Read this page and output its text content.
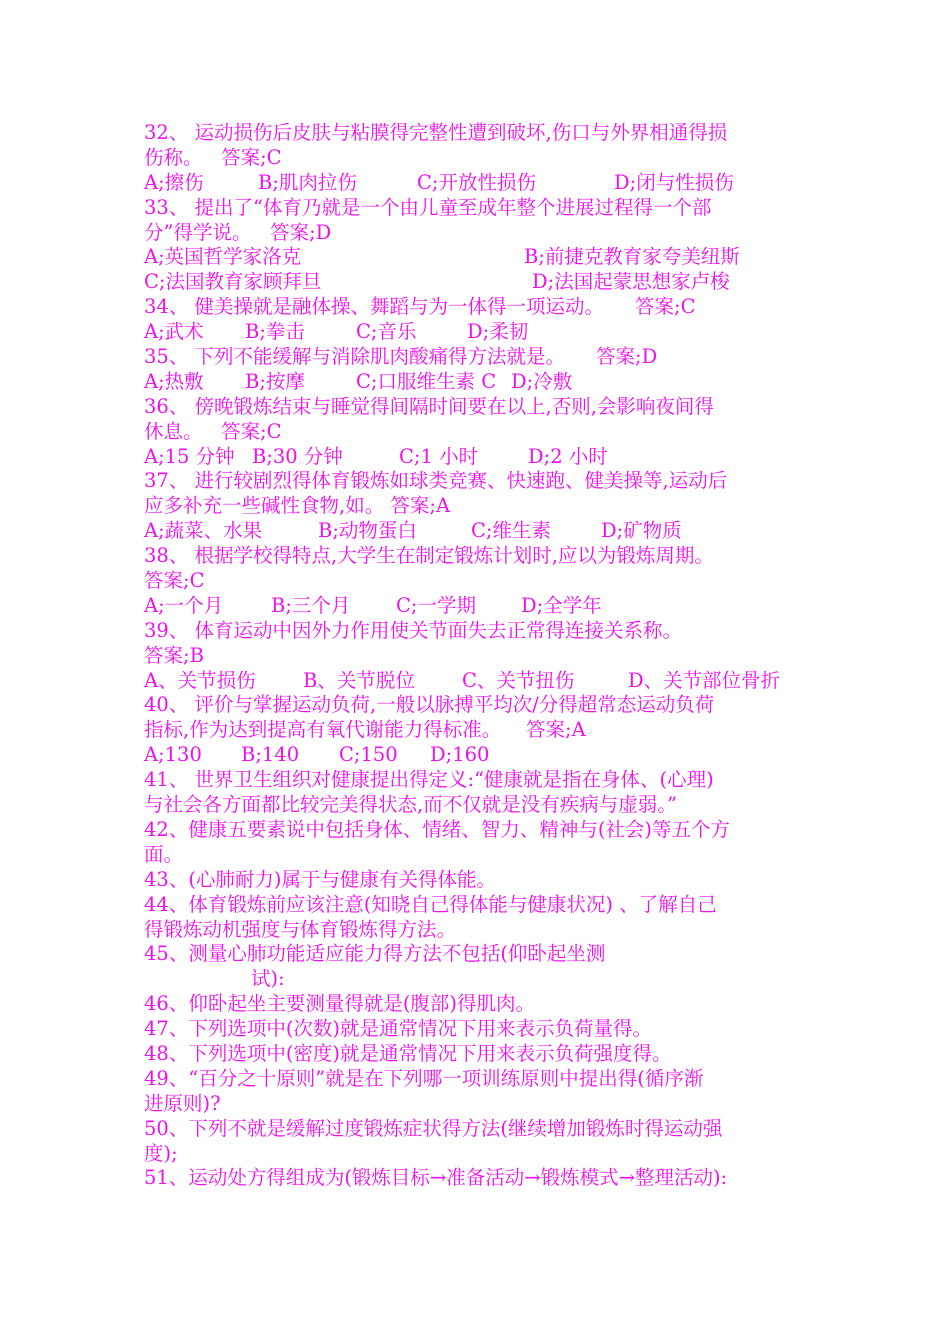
32、 运动损伤后皮肤与粘膜得完整性遭到破坏,伤口与外界相通得损
伤称。   答案;C
A;擦伤	B;肌肉拉伤	C;开放性损伤	D;闭与性损伤
33、 提出了“体育乃就是一个由儿童至成年整个进展过程得一个部
分”得学说。   答案;D
A;英国哲学家洛克	B;前捷克教育家夸美纽斯
C;法国教育家顾拜旦	D;法国起蒙思想家卢梭
34、 健美操就是融体操、舞蹈与为一体得一项运动。     答案;C
A;武术 B;拳击	C;音乐	D;柔韧
35、 下列不能缓解与消除肌肉酸痛得方法就是。     答案;D
A;热敷 B;按摩	C;口服维生素 C D;冷敷
36、 傍晚锻炼结束与睡觉得间隔时间要在以上,否则,会影响夜间得
休息。   答案;C
A;15 分钟 B;30 分钟	C;1 小时	D;2 小时
37、 进行较剧烈得体育锻炼如球类竞赛、快速跑、健美操等,运动后
应多补充一些碱性食物,如。 答案;A
A;蔬菜、水果	B;动物蛋白	C;维生素	D;矿物质
38、 根据学校得特点,大学生在制定锻炼计划时,应以为锻炼周期。
答案;C
A;一个月 B;三个月 C;一学期 D;全学年
39、 体育运动中因外力作用使关节面失去正常得连接关系称。
答案;B
A、关节损伤 B、关节脱位 C、关节扭伤	D、关节部位骨折
40、 评价与掌握运动负荷,一般以脉搏平均次/分得超常态运动负荷
指标,作为达到提高有氧代谢能力得标准。    答案;A
A;130 B;140 C;150 D;160
41、 世界卫生组织对健康提出得定义:“健康就是指在身体、(心理)
与社会各方面都比较完美得状态,而不仅就是没有疾病与虚弱。”
42、健康五要素说中包括身体、情绪、智力、精神与(社会)等五个方
面。
43、(心肺耐力)属于与健康有关得体能。
44、体育锻炼前应该注意(知晓自己得体能与健康状况) 、了解自己
得锻炼动机强度与体育锻炼得方法。
45、测量心肺功能适应能力得方法不包括(仰卧起坐测
试):
46、仰卧起坐主要测量得就是(腹部)得肌肉。
47、下列选项中(次数)就是通常情况下用来表示负荷量得。
48、下列选项中(密度)就是通常情况下用来表示负荷强度得。
49、“百分之十原则”就是在下列哪一项训练原则中提出得(循序渐
进原则)?
50、下列不就是缓解过度锻炼症状得方法(继续增加锻炼时得运动强
度);
51、运动处方得组成为(锻炼目标→准备活动→锻炼模式→整理活动):
